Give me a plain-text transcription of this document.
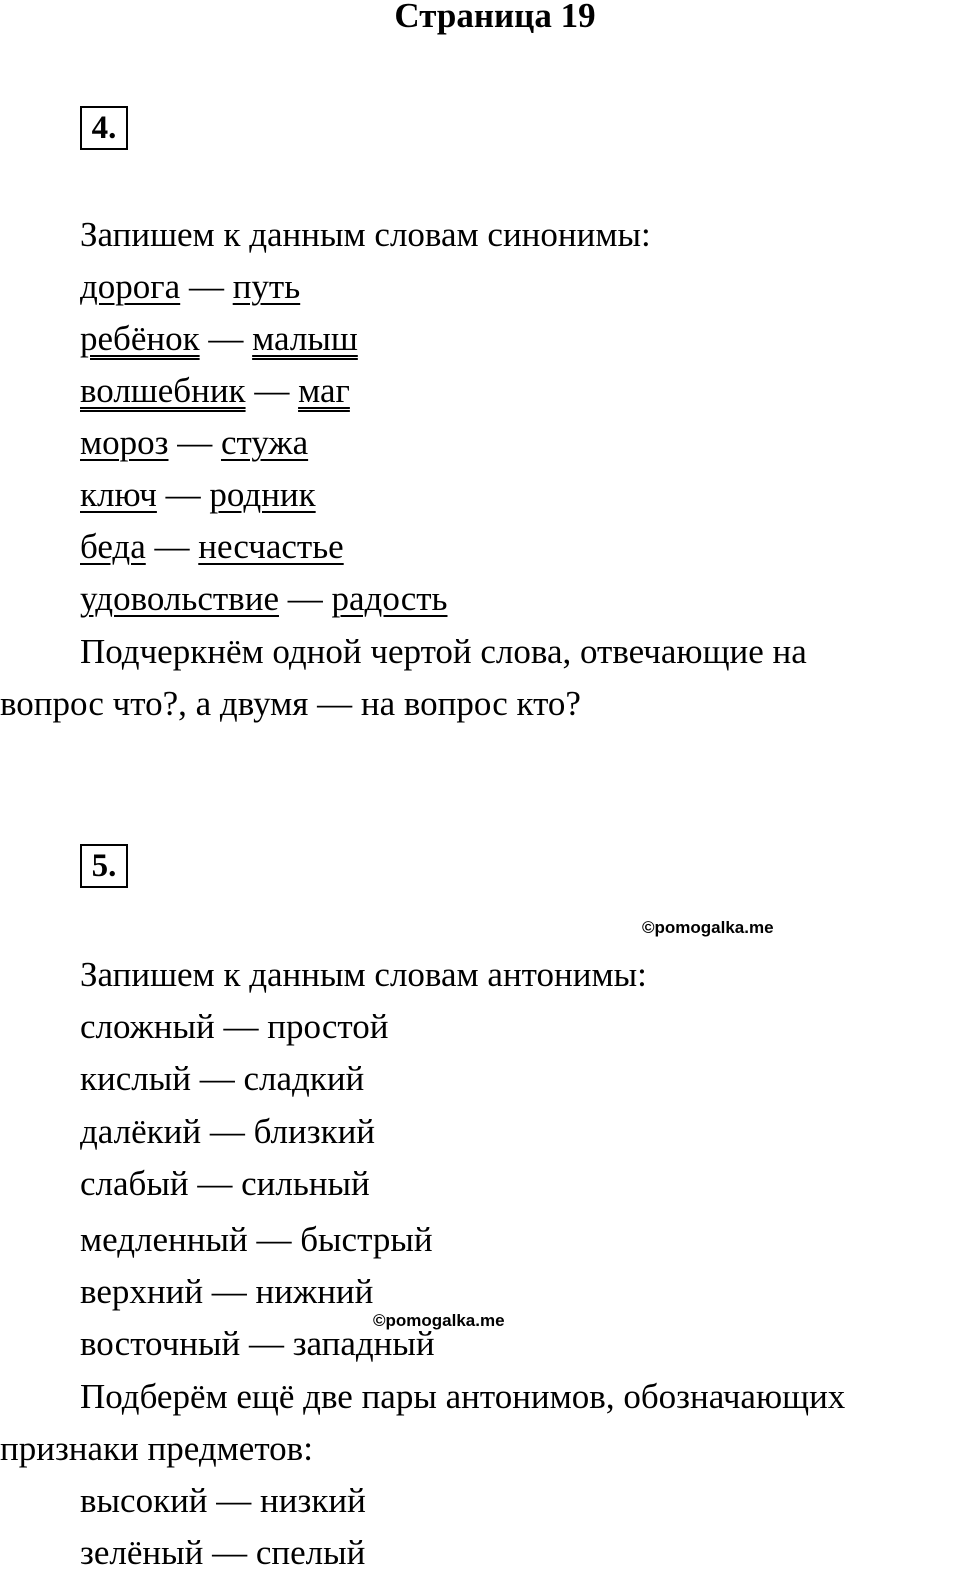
Страница 19
4.
Запишем к данным словам синонимы:
дорога — путь
ребёнок — малыш
волшебник — маг
мороз — стужа
ключ — родник
беда — несчастье
удовольствие — радость
Подчеркнём одной чертой слова, отвечающие на
вопрос что?, а двумя — на вопрос кто?
5.
©pomogalka.me
Запишем к данным словам антонимы:
сложный — простой
кислый — сладкий
далёкий — близкий
слабый — сильный
медленный — быстрый
верхний — нижний
©pomogalka.me
восточный — западный
Подберём ещё две пары антонимов, обозначающих
признаки предметов:
высокий — низкий
зелёный — спелый
